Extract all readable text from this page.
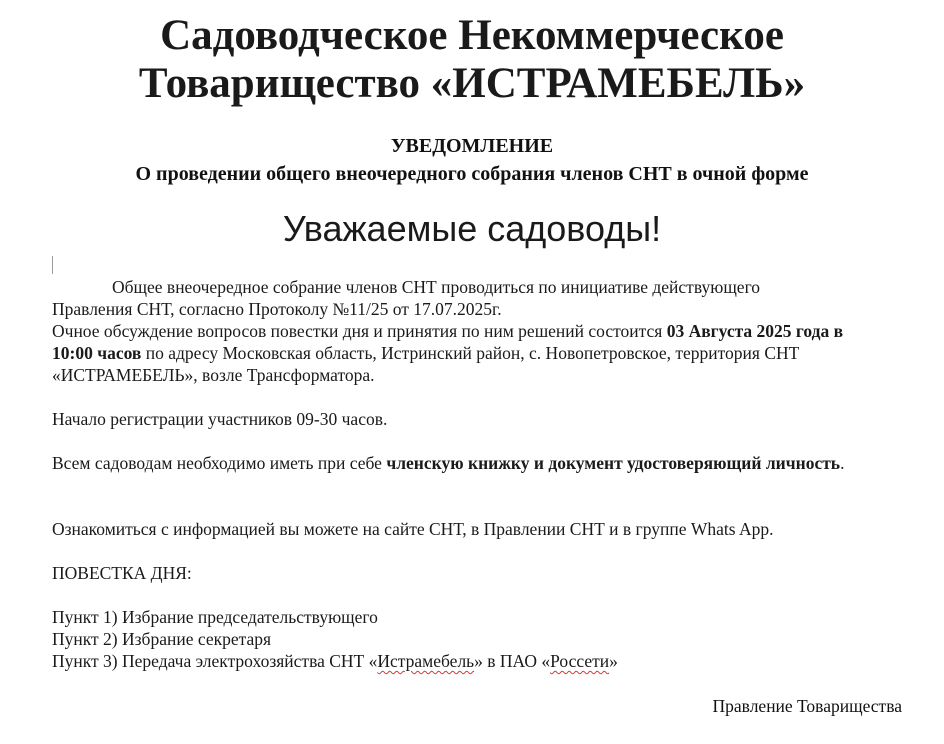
Садоводческое Некоммерческое
Товарищество «ИСТРАМЕБЕЛЬ»
УВЕДОМЛЕНИЕ
О проведении общего внеочередного собрания членов СНТ в очной форме
Уважаемые садоводы!
Общее внеочередное собрание членов СНТ проводиться по инициативе действующего
Правления СНТ, согласно Протоколу №11/25 от 17.07.2025г.
Очное обсуждение вопросов повестки дня и принятия по ним решений состоится 03 Августа 2025 года в 10:00 часов по адресу Московская область, Истринский район, с. Новопетровское, территория СНТ «ИСТРАМЕБЕЛЬ», возле Трансформатора.
Начало регистрации участников 09-30 часов.
Всем садоводам необходимо иметь при себе членскую книжку и документ удостоверяющий личность.
Ознакомиться с информацией вы можете на сайте СНТ, в Правлении СНТ и в группе Whats App.
ПОВЕСТКА ДНЯ:
Пункт 1) Избрание председательствующего
Пункт 2) Избрание секретаря
Пункт 3) Передача электрохозяйства СНТ «Истрамебель» в ПАО «Россети»
Правление Товарищества
